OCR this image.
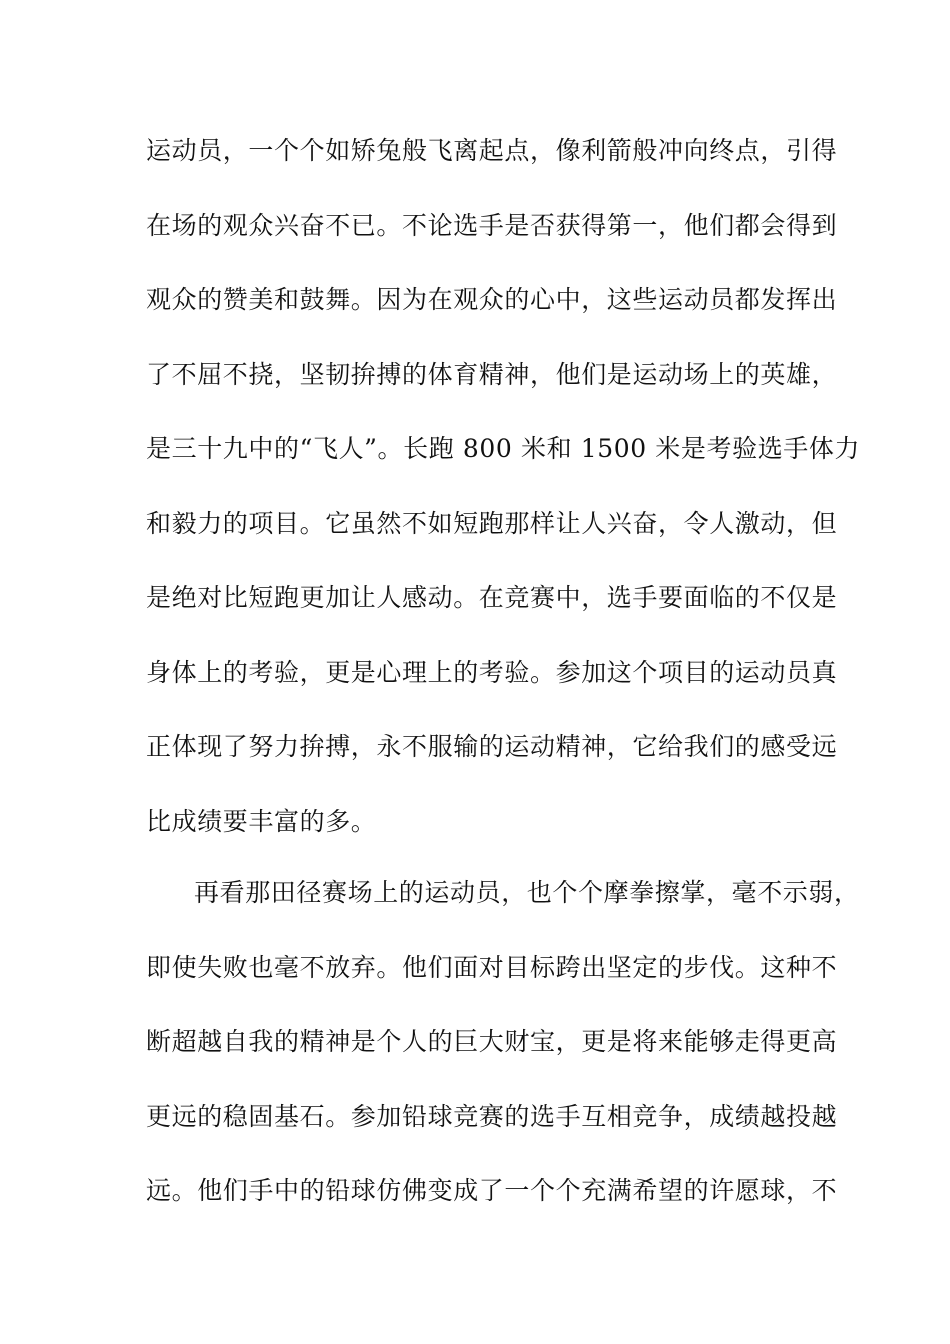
运动员，一个个如矫兔般飞离起点，像利箭般冲向终点，引得
在场的观众兴奋不已。不论选手是否获得第一，他们都会得到
观众的赞美和鼓舞。因为在观众的心中，这些运动员都发挥出
了不屈不挠，坚韧拚搏的体育精神，他们是运动场上的英雄，
是三十九中的“飞人”。长跑 800 米和 1500 米是考验选手体力
和毅力的项目。它虽然不如短跑那样让人兴奋，令人激动，但
是绝对比短跑更加让人感动。在竞赛中，选手要面临的不仅是
身体上的考验，更是心理上的考验。参加这个项目的运动员真
正体现了努力拚搏，永不服输的运动精神，它给我们的感受远
比成绩要丰富的多。
再看那田径赛场上的运动员，也个个摩拳擦掌，毫不示弱，
即使失败也毫不放弃。他们面对目标跨出坚定的步伐。这种不
断超越自我的精神是个人的巨大财宝，更是将来能够走得更高
更远的稳固基石。参加铅球竞赛的选手互相竞争，成绩越投越
远。他们手中的铅球仿佛变成了一个个充满希望的许愿球，不
